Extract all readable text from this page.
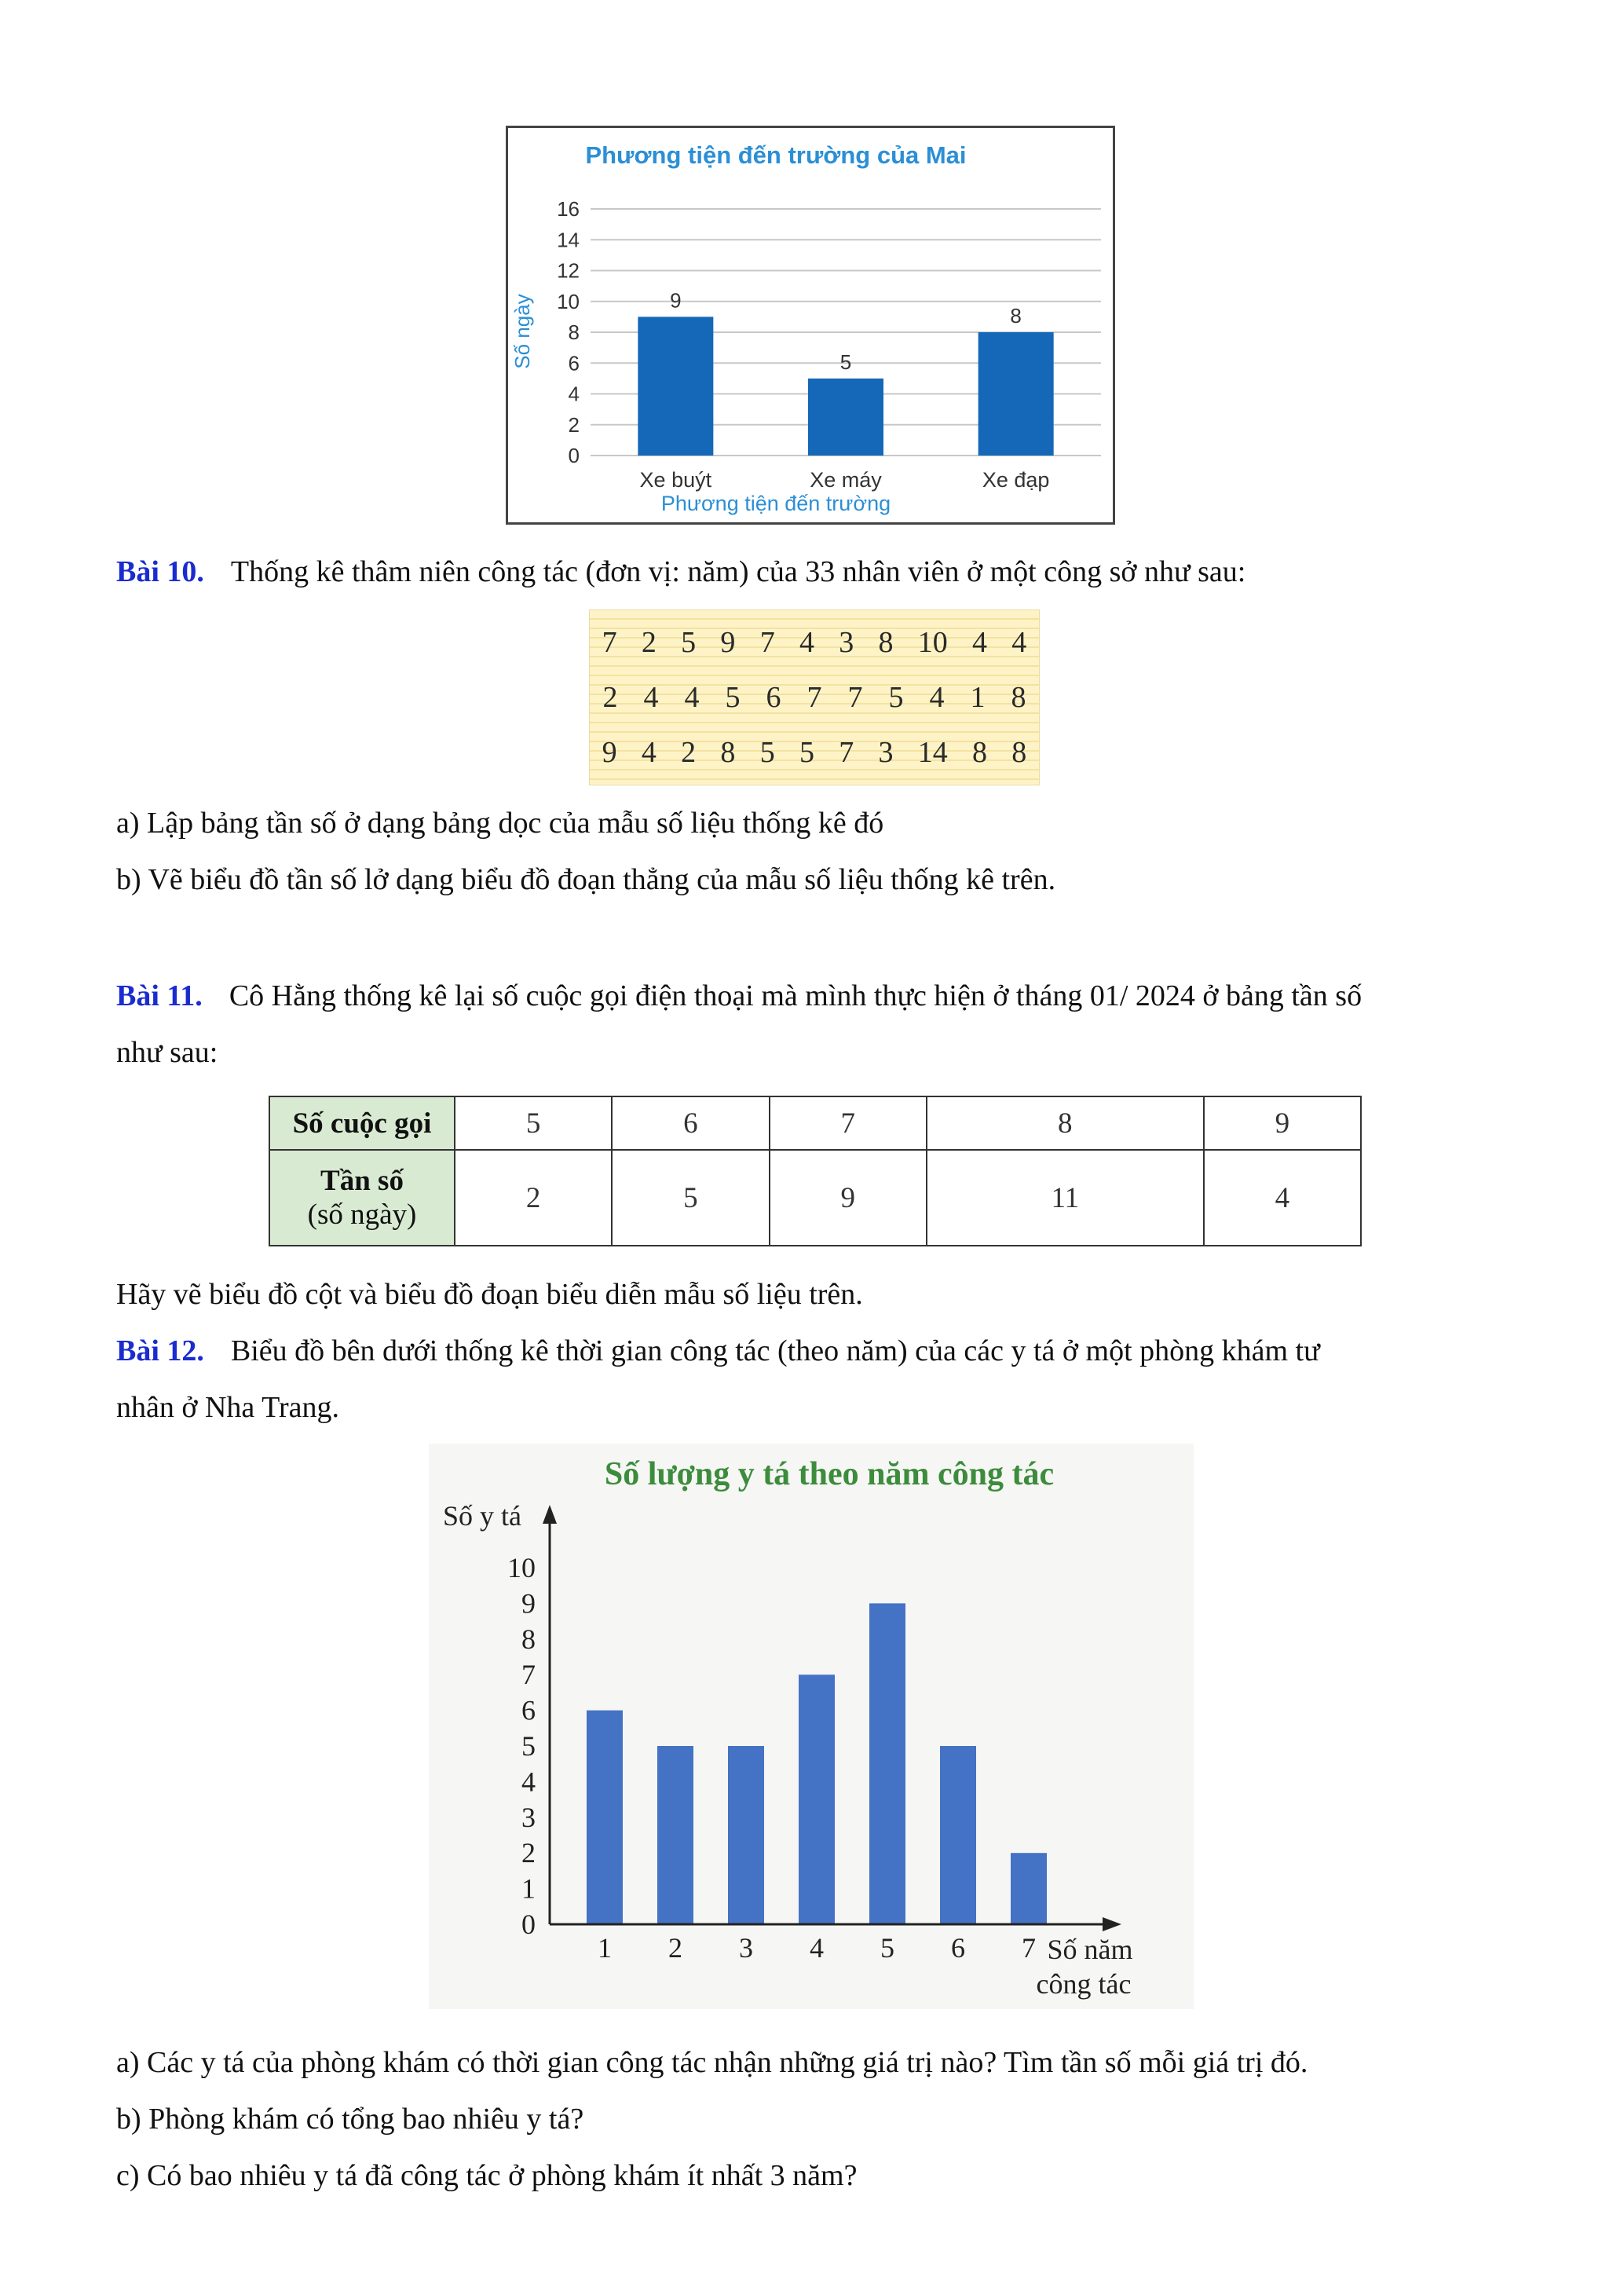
Phương tiện đến trường của Mai
0
2
4
6
8
10
12
14
16
9
5
8
Xe buýt	Xe máy	Xe đạp
Số ngày
Phương tiện đến trường
Bài 10. Thống kê thâm niên công tác (đơn vị: năm) của 33 nhân viên ở một công sở như sau:
7 2 5 9 7 4 3 8 10 4 4
2 4 4 5 6 7 7 5 4 1 8
9 4 2 8 5 5 7 3 14 8 8
a) Lập bảng tần số ở dạng bảng dọc của mẫu số liệu thống kê đó
b) Vẽ biểu đồ tần số lở dạng biểu đồ đoạn thẳng của mẫu số liệu thống kê trên.
Bài 11. Cô Hằng thống kê lại số cuộc gọi điện thoại mà mình thực hiện ở tháng 01/ 2024 ở bảng tần số
như sau:
Số cuộc gọi	5	6	7	8	9

Tần số
(số ngày)	2	5	9	11	4
Hãy vẽ biểu đồ cột và biểu đồ đoạn biểu diễn mẫu số liệu trên.
Bài 12. Biểu đồ bên dưới thống kê thời gian công tác (theo năm) của các y tá ở một phòng khám tư
nhân ở Nha Trang.
Số lượng y tá theo năm công tác
Số y tá
0
1
2
3
4
5
6
7
8
9
10
1 2 3 4 5 6 7 Số năm
công tác
a) Các y tá của phòng khám có thời gian công tác nhận những giá trị nào? Tìm tần số mỗi giá trị đó.
b) Phòng khám có tổng bao nhiêu y tá?
c) Có bao nhiêu y tá đã công tác ở phòng khám ít nhất 3 năm?
